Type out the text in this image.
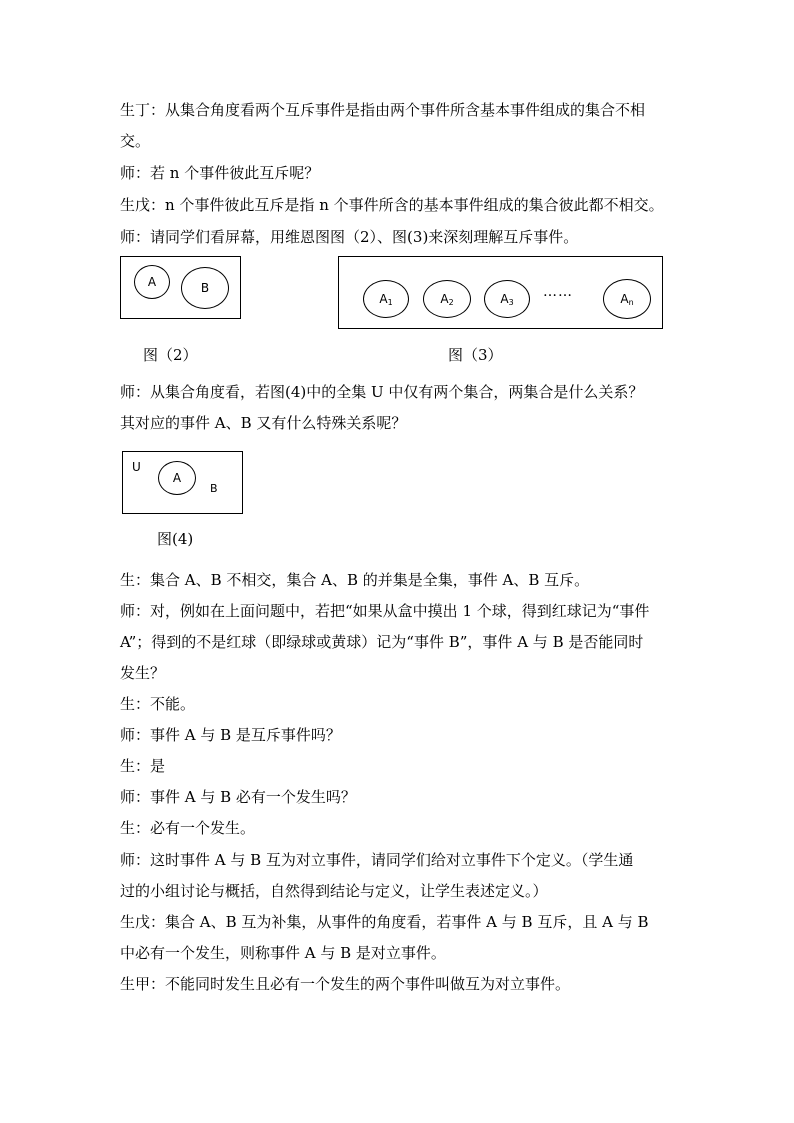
生丁：从集合角度看两个互斥事件是指由两个事件所含基本事件组成的集合不相
交。
师：若 n 个事件彼此互斥呢？
生戊：n 个事件彼此互斥是指 n 个事件所含的基本事件组成的集合彼此都不相交。
师：请同学们看屏幕，用维恩图图（2）、图(3)来深刻理解互斥事件。
A	B
图（2）
$A_1$	$A_2$	$A_3$
……	$A_n$
图（3）
师：从集合角度看，若图(4)中的全集 U 中仅有两个集合，两集合是什么关系？
其对应的事件 A、B 又有什么特殊关系呢？
U
A
B
图(4)
生：集合 A、B 不相交，集合 A、B 的并集是全集，事件 A、B 互斥。
师：对，例如在上面问题中，若把“如果从盒中摸出 1 个球，得到红球记为“事件
A”；得到的不是红球（即绿球或黄球）记为“事件 B”，事件 A 与 B 是否能同时
发生？
生：不能。
师：事件 A 与 B 是互斥事件吗？
生：是
师：事件 A 与 B 必有一个发生吗？
生：必有一个发生。
师：这时事件 A 与 B 互为对立事件，请同学们给对立事件下个定义。（学生通
过的小组讨论与概括，自然得到结论与定义，让学生表述定义。）
生戊：集合 A、B 互为补集，从事件的角度看，若事件 A 与 B 互斥，且 A 与 B
中必有一个发生，则称事件 A 与 B 是对立事件。
生甲：不能同时发生且必有一个发生的两个事件叫做互为对立事件。
